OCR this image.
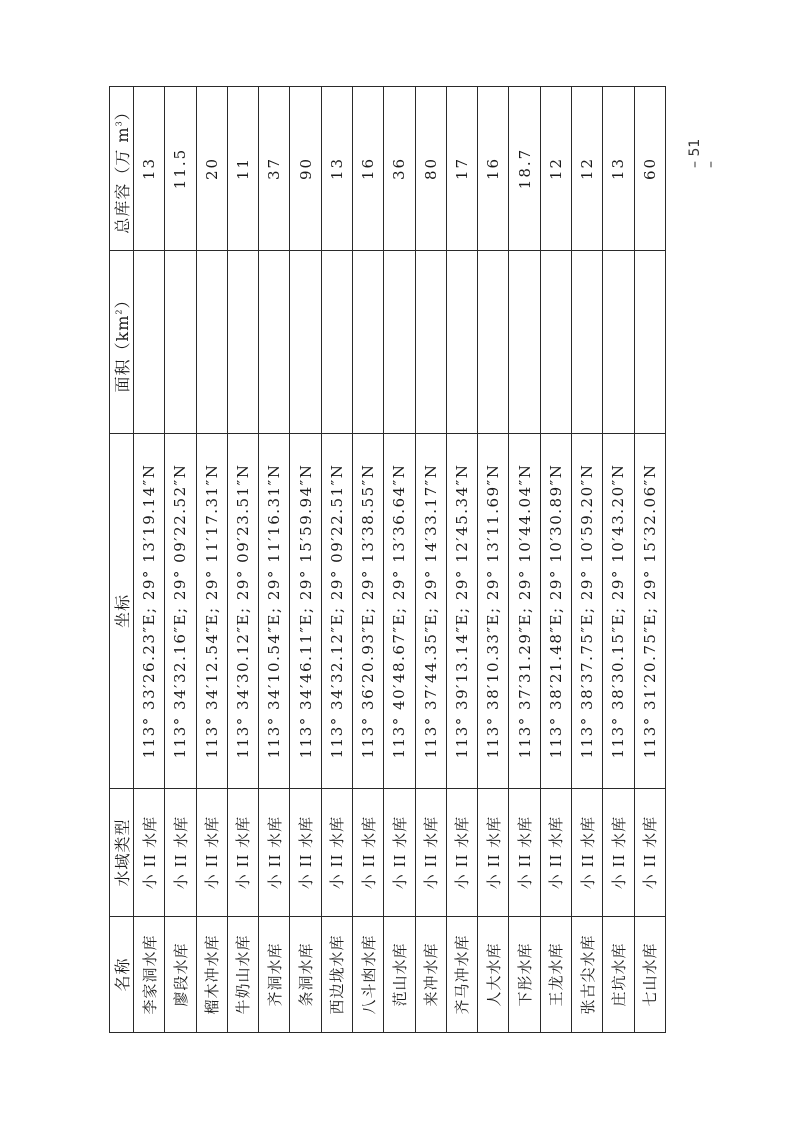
名称	水域类型	坐标	面积$(km^2)$	总库容（万 $m^3$）
李家洞水库	小 II 水库	113° 33′26.23″E; 29° 13′19.14″N		13
廖段水库	小 II 水库	113° 34′32.16″E; 29° 09′22.52″N		11.5
榴木冲水库	小 II 水库	113° 34′12.54″E; 29° 11′17.31″N		20
牛奶山水库	小 II 水库	113° 34′30.12″E; 29° 09′23.51″N		11
齐洞水库	小 II 水库	113° 34′10.54″E; 29° 11′16.31″N		37
条洞水库	小 II 水库	113° 34′46.11″E; 29° 15′59.94″N		90
西边垅水库	小 II 水库	113° 34′32.12″E; 29° 09′22.51″N		13
八斗凼水库	小 II 水库	113° 36′20.93″E; 29° 13′38.55″N		16
范山水库	小 II 水库	113° 40′48.67″E; 29° 13′36.64″N		36
来冲水库	小 II 水库	113° 37′44.35″E; 29° 14′33.17″N		80
齐马冲水库	小 II 水库	113° 39′13.14″E; 29° 12′45.34″N		17
人大水库	小 II 水库	113° 38′10.33″E; 29° 13′11.69″N		16
下彤水库	小 II 水库	113° 37′31.29″E; 29° 10′44.04″N		18.7
王龙水库	小 II 水库	113° 38′21.48″E; 29° 10′30.89″N		12
张古尖水库	小 II 水库	113° 38′37.75″E; 29° 10′59.20″N		12
庄坑水库	小 II 水库	113° 38′30.15″E; 29° 10′43.20″N		13
七山水库	小 II 水库	113° 31′20.75″E; 29° 15′32.06″N		60
– 51 –
